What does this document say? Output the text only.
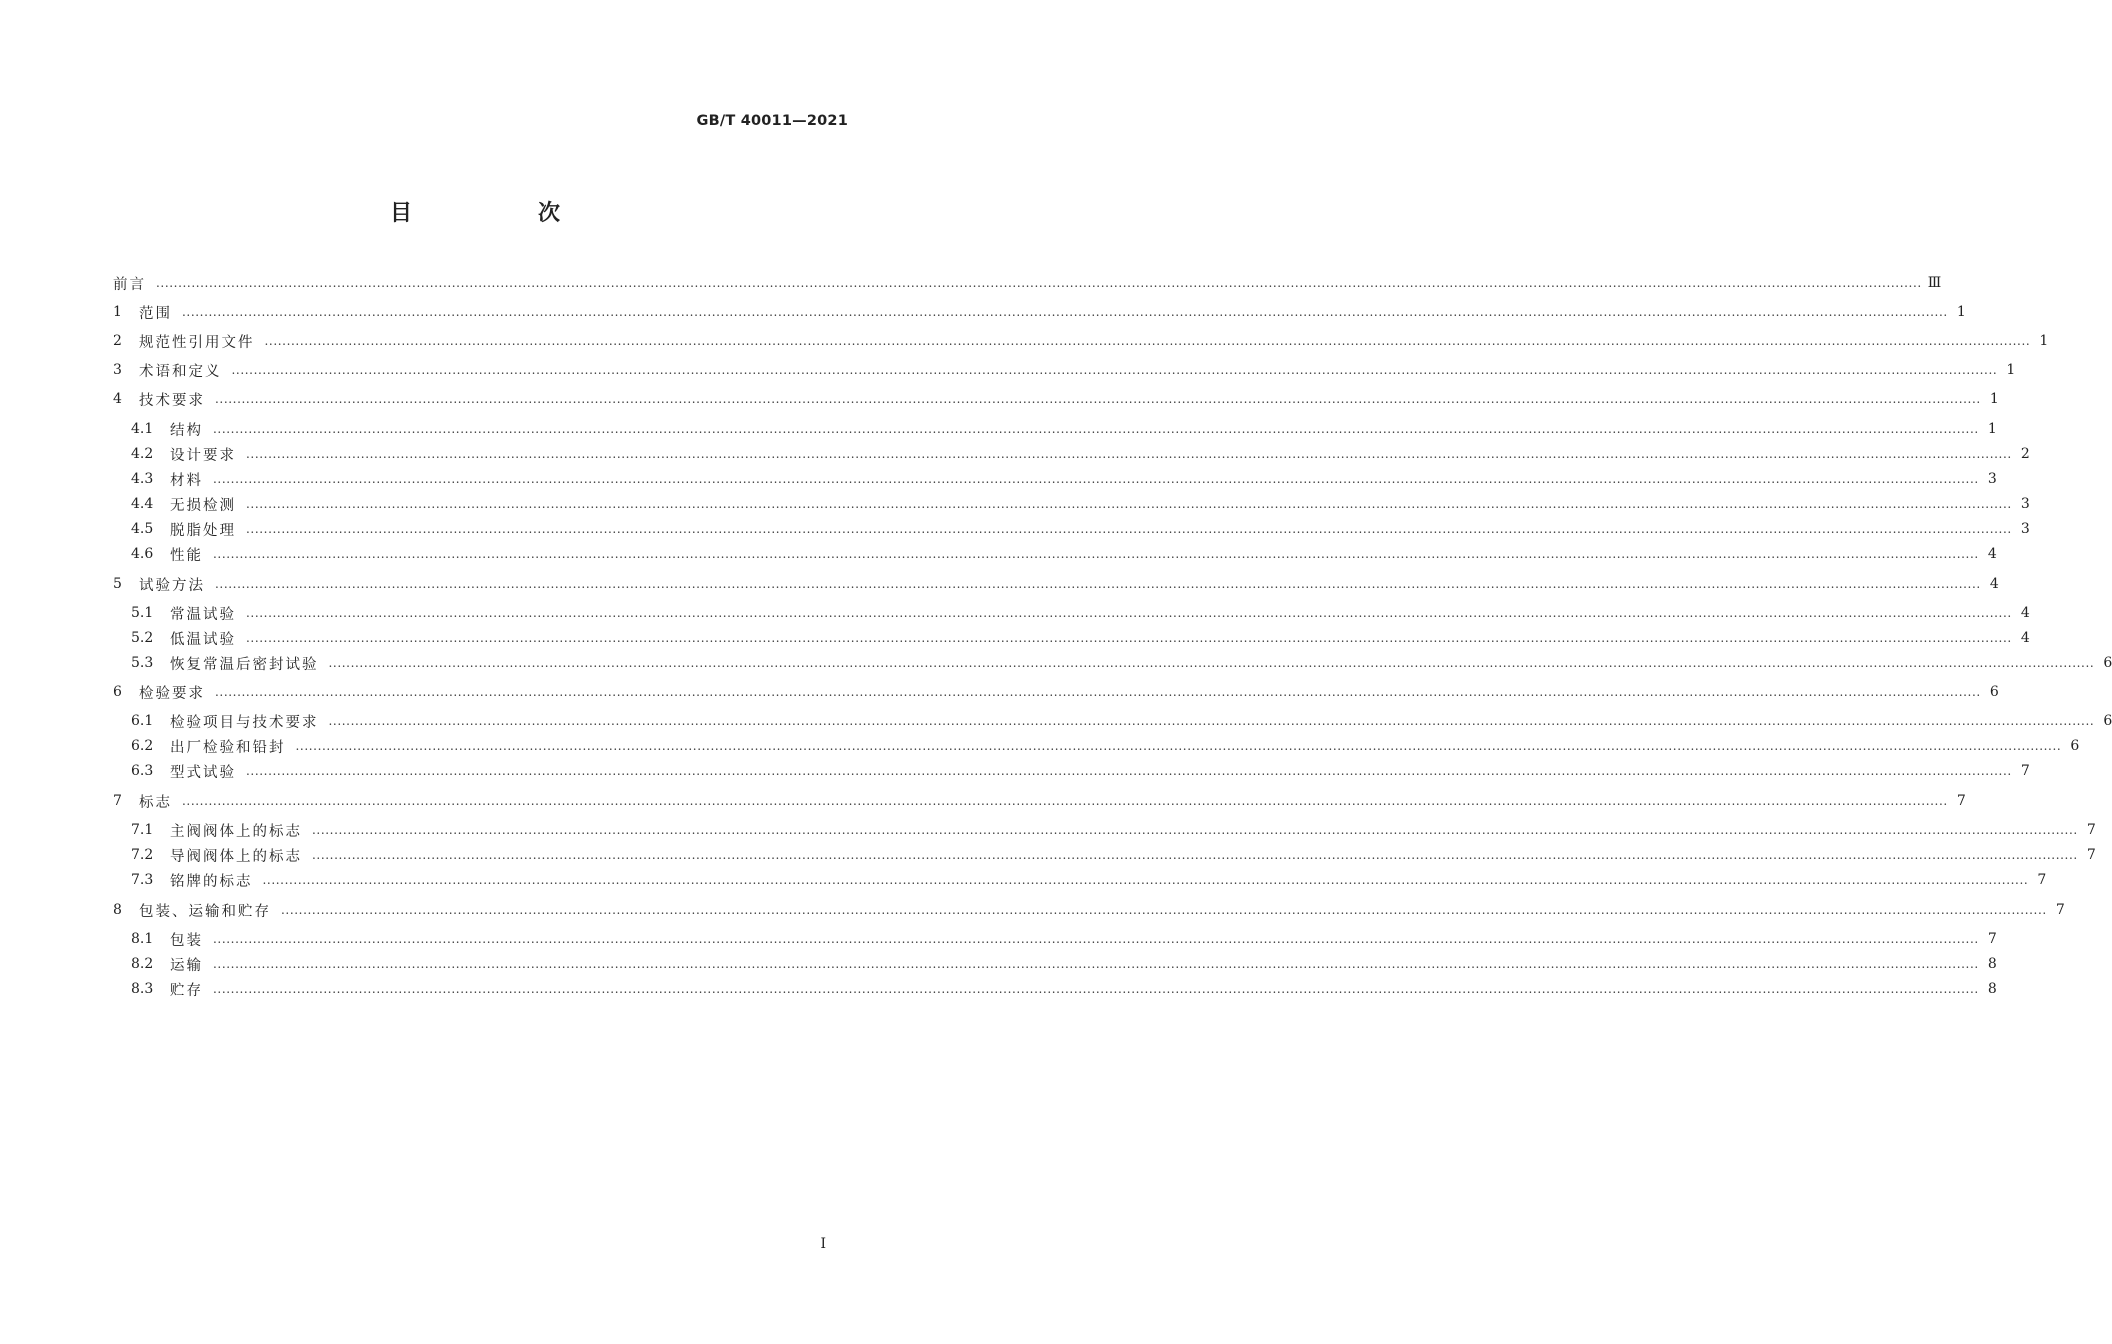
GB/T 40011—2021
目　次
前言 ................................................................................................................................................................................................................................................................................................................................................................................................................ Ⅲ
1	范围 ................................................................................................................................................................................................................................................................................................................................................................................................................ 1
2	规范性引用文件 ................................................................................................................................................................................................................................................................................................................................................................................................................ 1
3	术语和定义 ................................................................................................................................................................................................................................................................................................................................................................................................................ 1
4	技术要求 ................................................................................................................................................................................................................................................................................................................................................................................................................ 1
4.1	结构 ................................................................................................................................................................................................................................................................................................................................................................................................................ 1
4.2	设计要求 ................................................................................................................................................................................................................................................................................................................................................................................................................ 2
4.3	材料 ................................................................................................................................................................................................................................................................................................................................................................................................................ 3
4.4	无损检测 ................................................................................................................................................................................................................................................................................................................................................................................................................ 3
4.5	脱脂处理 ................................................................................................................................................................................................................................................................................................................................................................................................................ 3
4.6	性能 ................................................................................................................................................................................................................................................................................................................................................................................................................ 4
5	试验方法 ................................................................................................................................................................................................................................................................................................................................................................................................................ 4
5.1	常温试验 ................................................................................................................................................................................................................................................................................................................................................................................................................ 4
5.2	低温试验 ................................................................................................................................................................................................................................................................................................................................................................................................................ 4
5.3	恢复常温后密封试验 ................................................................................................................................................................................................................................................................................................................................................................................................................ 6
6	检验要求 ................................................................................................................................................................................................................................................................................................................................................................................................................ 6
6.1	检验项目与技术要求 ................................................................................................................................................................................................................................................................................................................................................................................................................ 6
6.2	出厂检验和铅封 ................................................................................................................................................................................................................................................................................................................................................................................................................ 6
6.3	型式试验 ................................................................................................................................................................................................................................................................................................................................................................................................................ 7
7	标志 ................................................................................................................................................................................................................................................................................................................................................................................................................ 7
7.1	主阀阀体上的标志 ................................................................................................................................................................................................................................................................................................................................................................................................................ 7
7.2	导阀阀体上的标志 ................................................................................................................................................................................................................................................................................................................................................................................................................ 7
7.3	铭牌的标志 ................................................................................................................................................................................................................................................................................................................................................................................................................ 7
8	包装、运输和贮存 ................................................................................................................................................................................................................................................................................................................................................................................................................ 7
8.1	包装 ................................................................................................................................................................................................................................................................................................................................................................................................................ 7
8.2	运输 ................................................................................................................................................................................................................................................................................................................................................................................................................ 8
8.3	贮存 ................................................................................................................................................................................................................................................................................................................................................................................................................ 8
I
